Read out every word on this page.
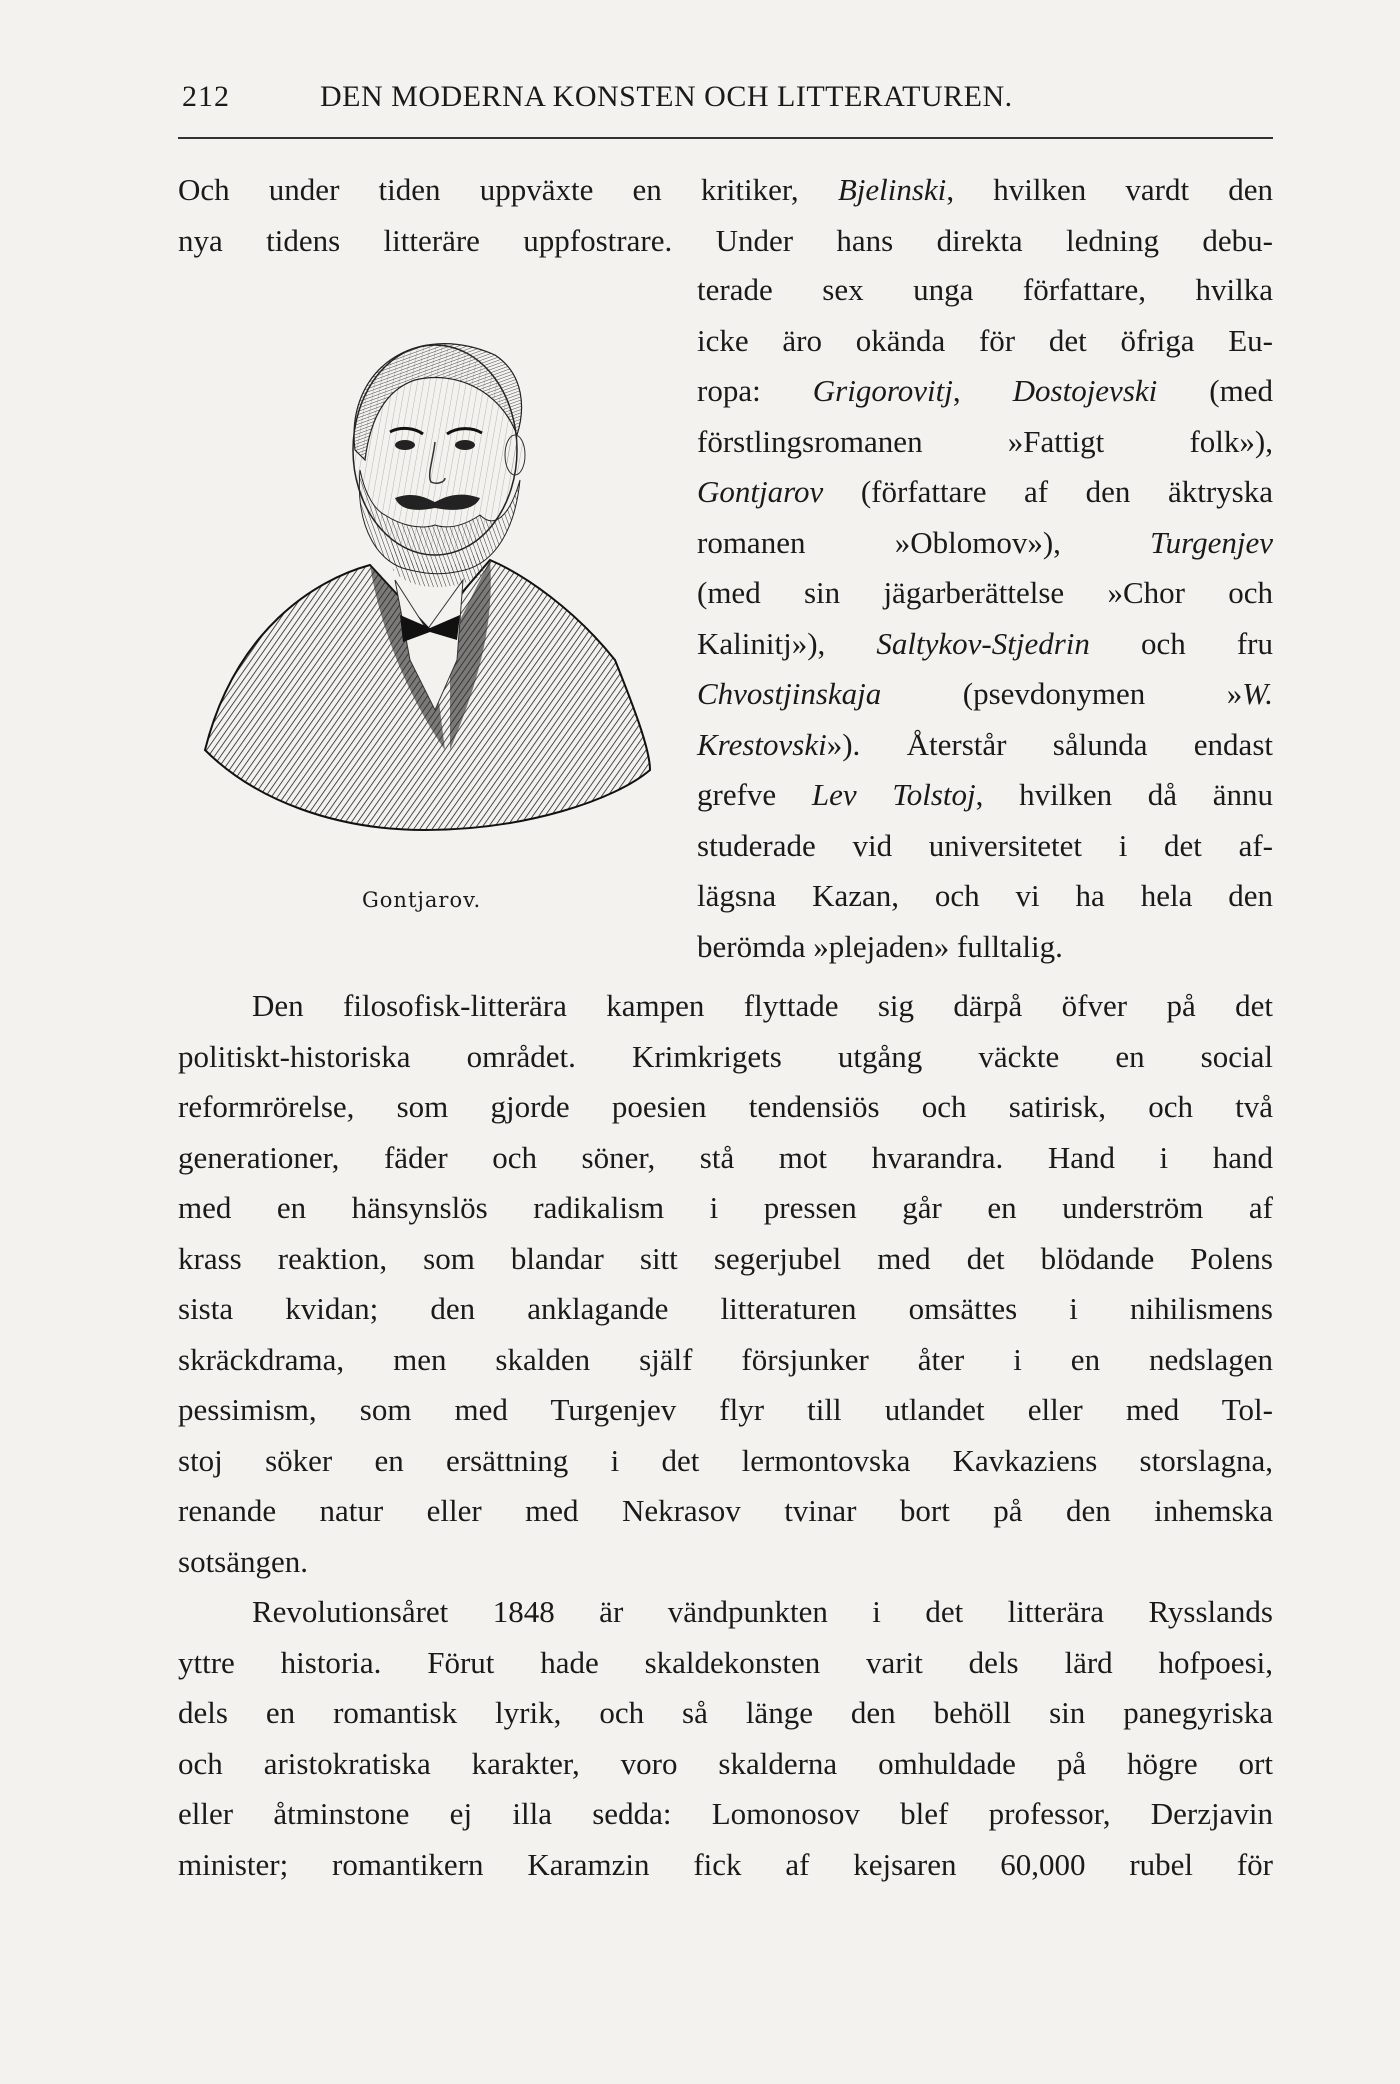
212	DEN MODERNA KONSTEN OCH LITTERATUREN.
Och under tiden uppväxte en kritiker, Bjelinski, hvilken vardt den
nya tidens litteräre uppfostrare. Under hans direkta ledning debu-
Gontjarov.
terade sex unga författare, hvilka
icke äro okända för det öfriga Eu-
ropa: Grigorovitj, Dostojevski (med
förstlingsromanen »Fattigt folk»),
Gontjarov (författare af den äktryska
romanen »Oblomov»), Turgenjev
(med sin jägarberättelse »Chor och
Kalinitj»), Saltykov-Stjedrin och fru
Chvostjinskaja (psevdonymen »W.
Krestovski»). Återstår sålunda endast
grefve Lev Tolstoj, hvilken då ännu
studerade vid universitetet i det af-
lägsna Kazan, och vi ha hela den
berömda »plejaden» fulltalig.
Den filosofisk-litterära kampen flyttade sig därpå öfver på det
politiskt-historiska området. Krimkrigets utgång väckte en social
reformrörelse, som gjorde poesien tendensiös och satirisk, och två
generationer, fäder och söner, stå mot hvarandra. Hand i hand
med en hänsynslös radikalism i pressen går en underström af
krass reaktion, som blandar sitt segerjubel med det blödande Polens
sista kvidan; den anklagande litteraturen omsättes i nihilismens
skräckdrama, men skalden själf försjunker åter i en nedslagen
pessimism, som med Turgenjev flyr till utlandet eller med Tol-
stoj söker en ersättning i det lermontovska Kavkaziens storslagna,
renande natur eller med Nekrasov tvinar bort på den inhemska
sotsängen.
Revolutionsåret 1848 är vändpunkten i det litterära Rysslands
yttre historia. Förut hade skaldekonsten varit dels lärd hofpoesi,
dels en romantisk lyrik, och så länge den behöll sin panegyriska
och aristokratiska karakter, voro skalderna omhuldade på högre ort
eller åtminstone ej illa sedda: Lomonosov blef professor, Derzjavin
minister; romantikern Karamzin fick af kejsaren 60,000 rubel för
